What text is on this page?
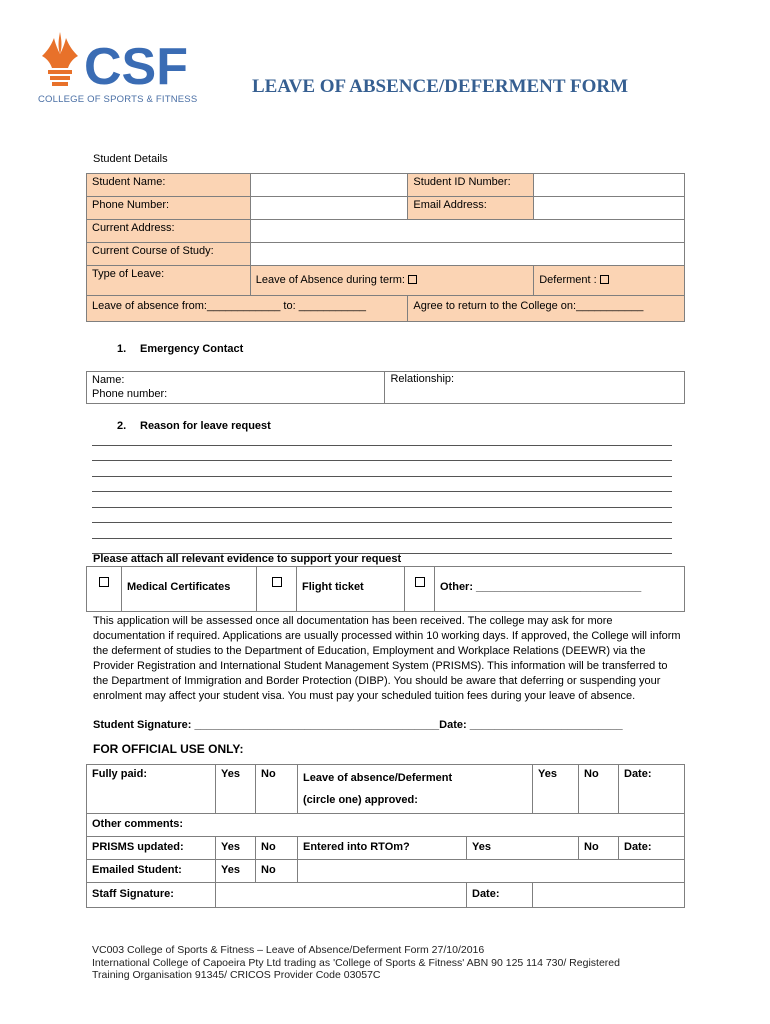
CSF
COLLEGE OF SPORTS & FITNESS
LEAVE OF ABSENCE/DEFERMENT FORM
Student Details
Student Name:		Student ID Number:	
Phone Number:		Email Address:	
Current Address:			
Current Course of Study:			
Type of Leave:	Leave of Absence during term:		Deferment :
Leave of absence from:____________ to: ___________		Agree to return to the College on:___________	
1. Emergency Contact
Name:
Phone number:
	Relationship:
2. Reason for leave request
Please attach all relevant evidence to support your request
	Medical Certificates		Flight ticket		Other: ___________________________
This application will be assessed once all documentation has been received. The college may ask for more documentation if required. Applications are usually processed within 10 working days. If approved, the College will inform the deferment of studies to the Department of Education, Employment and Workplace Relations (DEEWR) via the Provider Registration and International Student Management System (PRISMS). This information will be transferred to the Department of Immigration and Border Protection (DIBP). You should be aware that deferring or suspending your enrolment may affect your student visa. You must pay your scheduled tuition fees during your leave of absence.
Student Signature: ________________________________________Date: _________________________
FOR OFFICIAL USE ONLY:
Fully paid:	Yes	No	Leave of absence/Deferment
(circle one) approved:		Yes	No	Date:
Other comments:							
PRISMS updated:	Yes	No	Entered into RTOm?	Yes		No	Date:
Emailed Student:	Yes	No					
Staff Signature:				Date:			
VC003 College of Sports & Fitness – Leave of Absence/Deferment Form 27/10/2016
International College of Capoeira Pty Ltd trading as 'College of Sports & Fitness' ABN 90 125 114 730/ Registered
Training Organisation 91345/ CRICOS Provider Code 03057C
